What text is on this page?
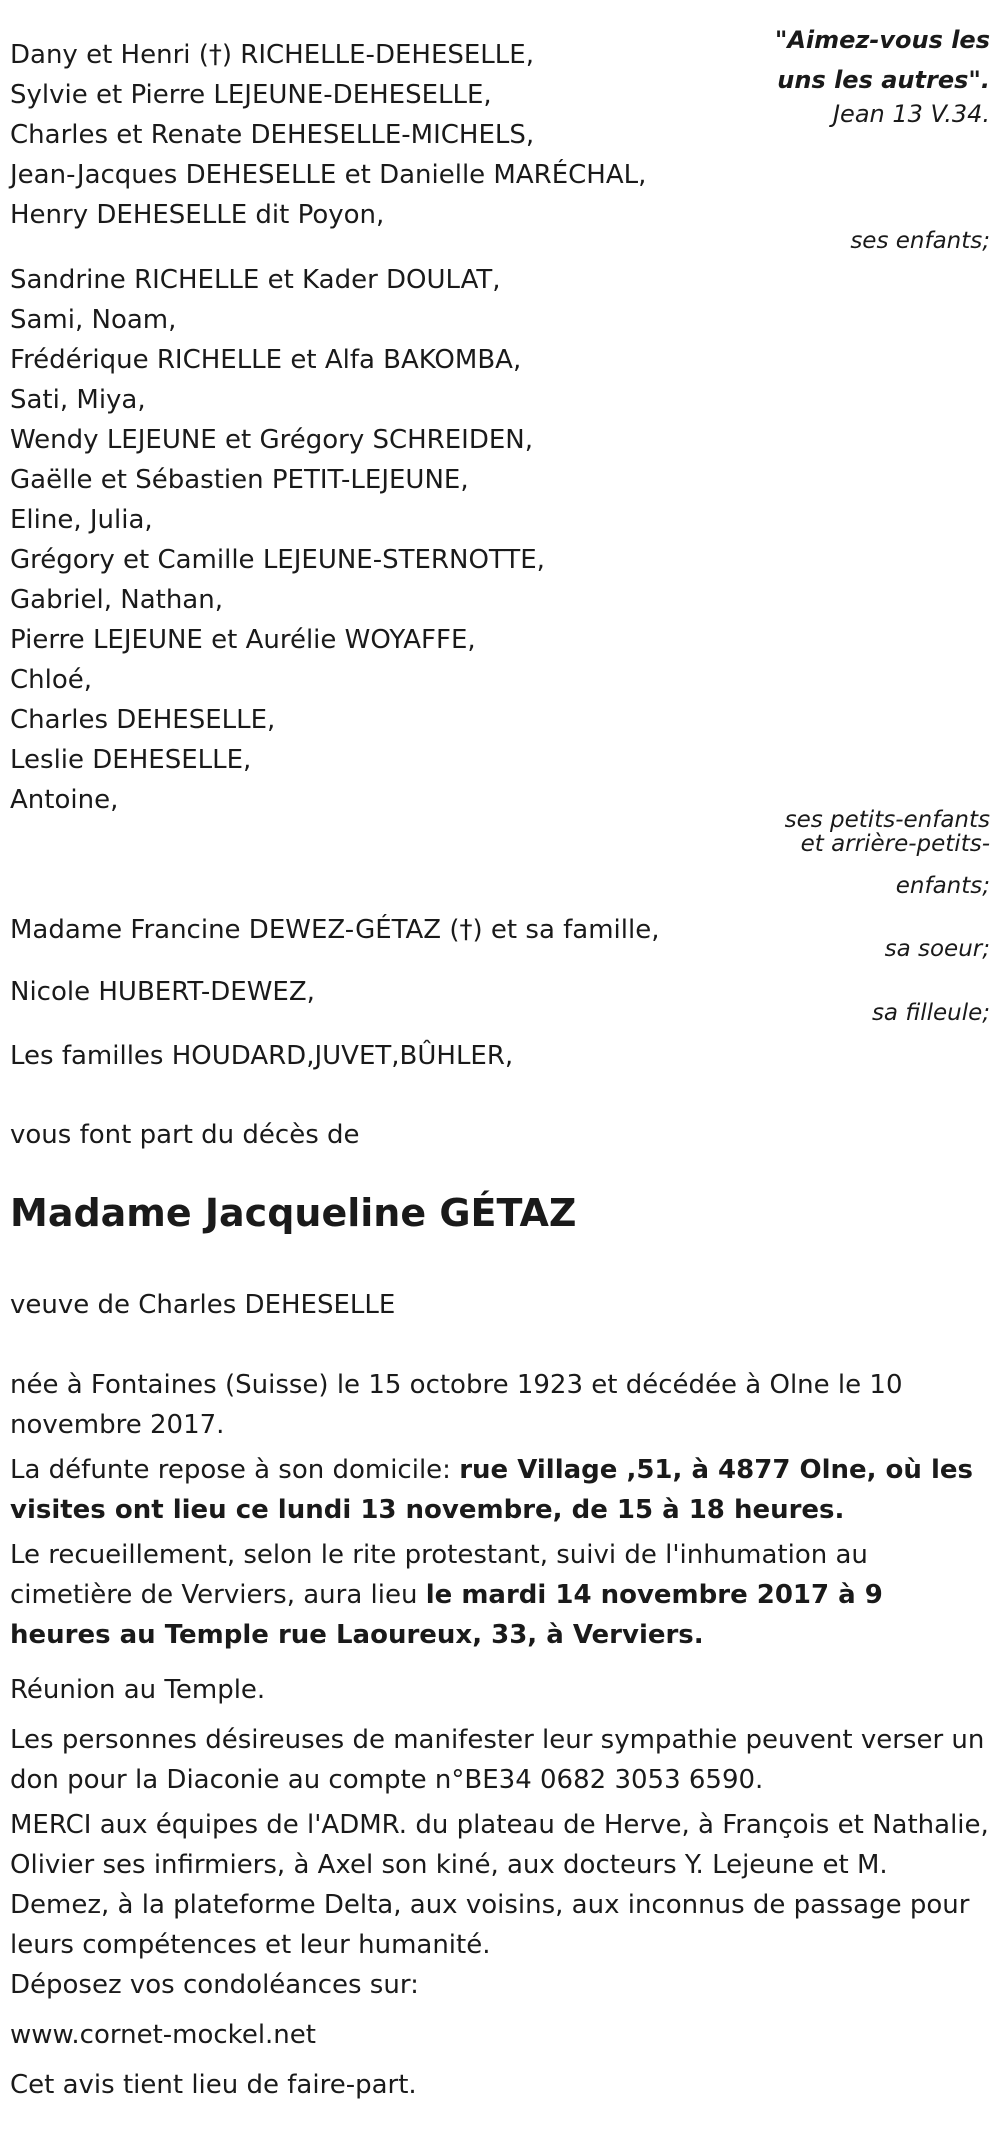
"Aimez-vous les
uns les autres".
Jean 13 V.34.
Dany et Henri (†) RICHELLE-DEHESELLE,
Sylvie et Pierre LEJEUNE-DEHESELLE,
Charles et Renate DEHESELLE-MICHELS,
Jean-Jacques DEHESELLE et Danielle MARÉCHAL,
Henry DEHESELLE dit Poyon,
ses enfants;
Sandrine RICHELLE et Kader DOULAT,
Sami, Noam,
Frédérique RICHELLE et Alfa BAKOMBA,
Sati, Miya,
Wendy LEJEUNE et Grégory SCHREIDEN,
Gaëlle et Sébastien PETIT-LEJEUNE,
Eline, Julia,
Grégory et Camille LEJEUNE-STERNOTTE,
Gabriel, Nathan,
Pierre LEJEUNE et Aurélie WOYAFFE,
Chloé,
Charles DEHESELLE,
Leslie DEHESELLE,
Antoine,
ses petits-enfants
et arrière-petits-
enfants;
Madame Francine DEWEZ-GÉTAZ (†) et sa famille,
sa soeur;
Nicole HUBERT-DEWEZ,
sa filleule;
Les familles HOUDARD,JUVET,BÛHLER,
vous font part du décès de
Madame Jacqueline GÉTAZ
veuve de Charles DEHESELLE
née à Fontaines (Suisse) le 15 octobre 1923 et décédée à Olne le 10 novembre 2017.
La défunte repose à son domicile: rue Village ,51, à 4877 Olne, où les visites ont lieu ce lundi 13 novembre, de 15 à 18 heures.
Le recueillement, selon le rite protestant, suivi de l'inhumation au cimetière de Verviers, aura lieu le mardi 14 novembre 2017 à 9 heures au Temple rue Laoureux, 33, à Verviers.
Réunion au Temple.
Les personnes désireuses de manifester leur sympathie peuvent verser un don pour la Diaconie au compte n°BE34 0682 3053 6590.
MERCI aux équipes de l'ADMR. du plateau de Herve, à François et Nathalie, Olivier ses infirmiers, à Axel son kiné, aux docteurs Y. Lejeune et M. Demez, à la plateforme Delta, aux voisins, aux inconnus de passage pour leurs compétences et leur humanité.
Déposez vos condoléances sur:
www.cornet-mockel.net
Cet avis tient lieu de faire-part.
